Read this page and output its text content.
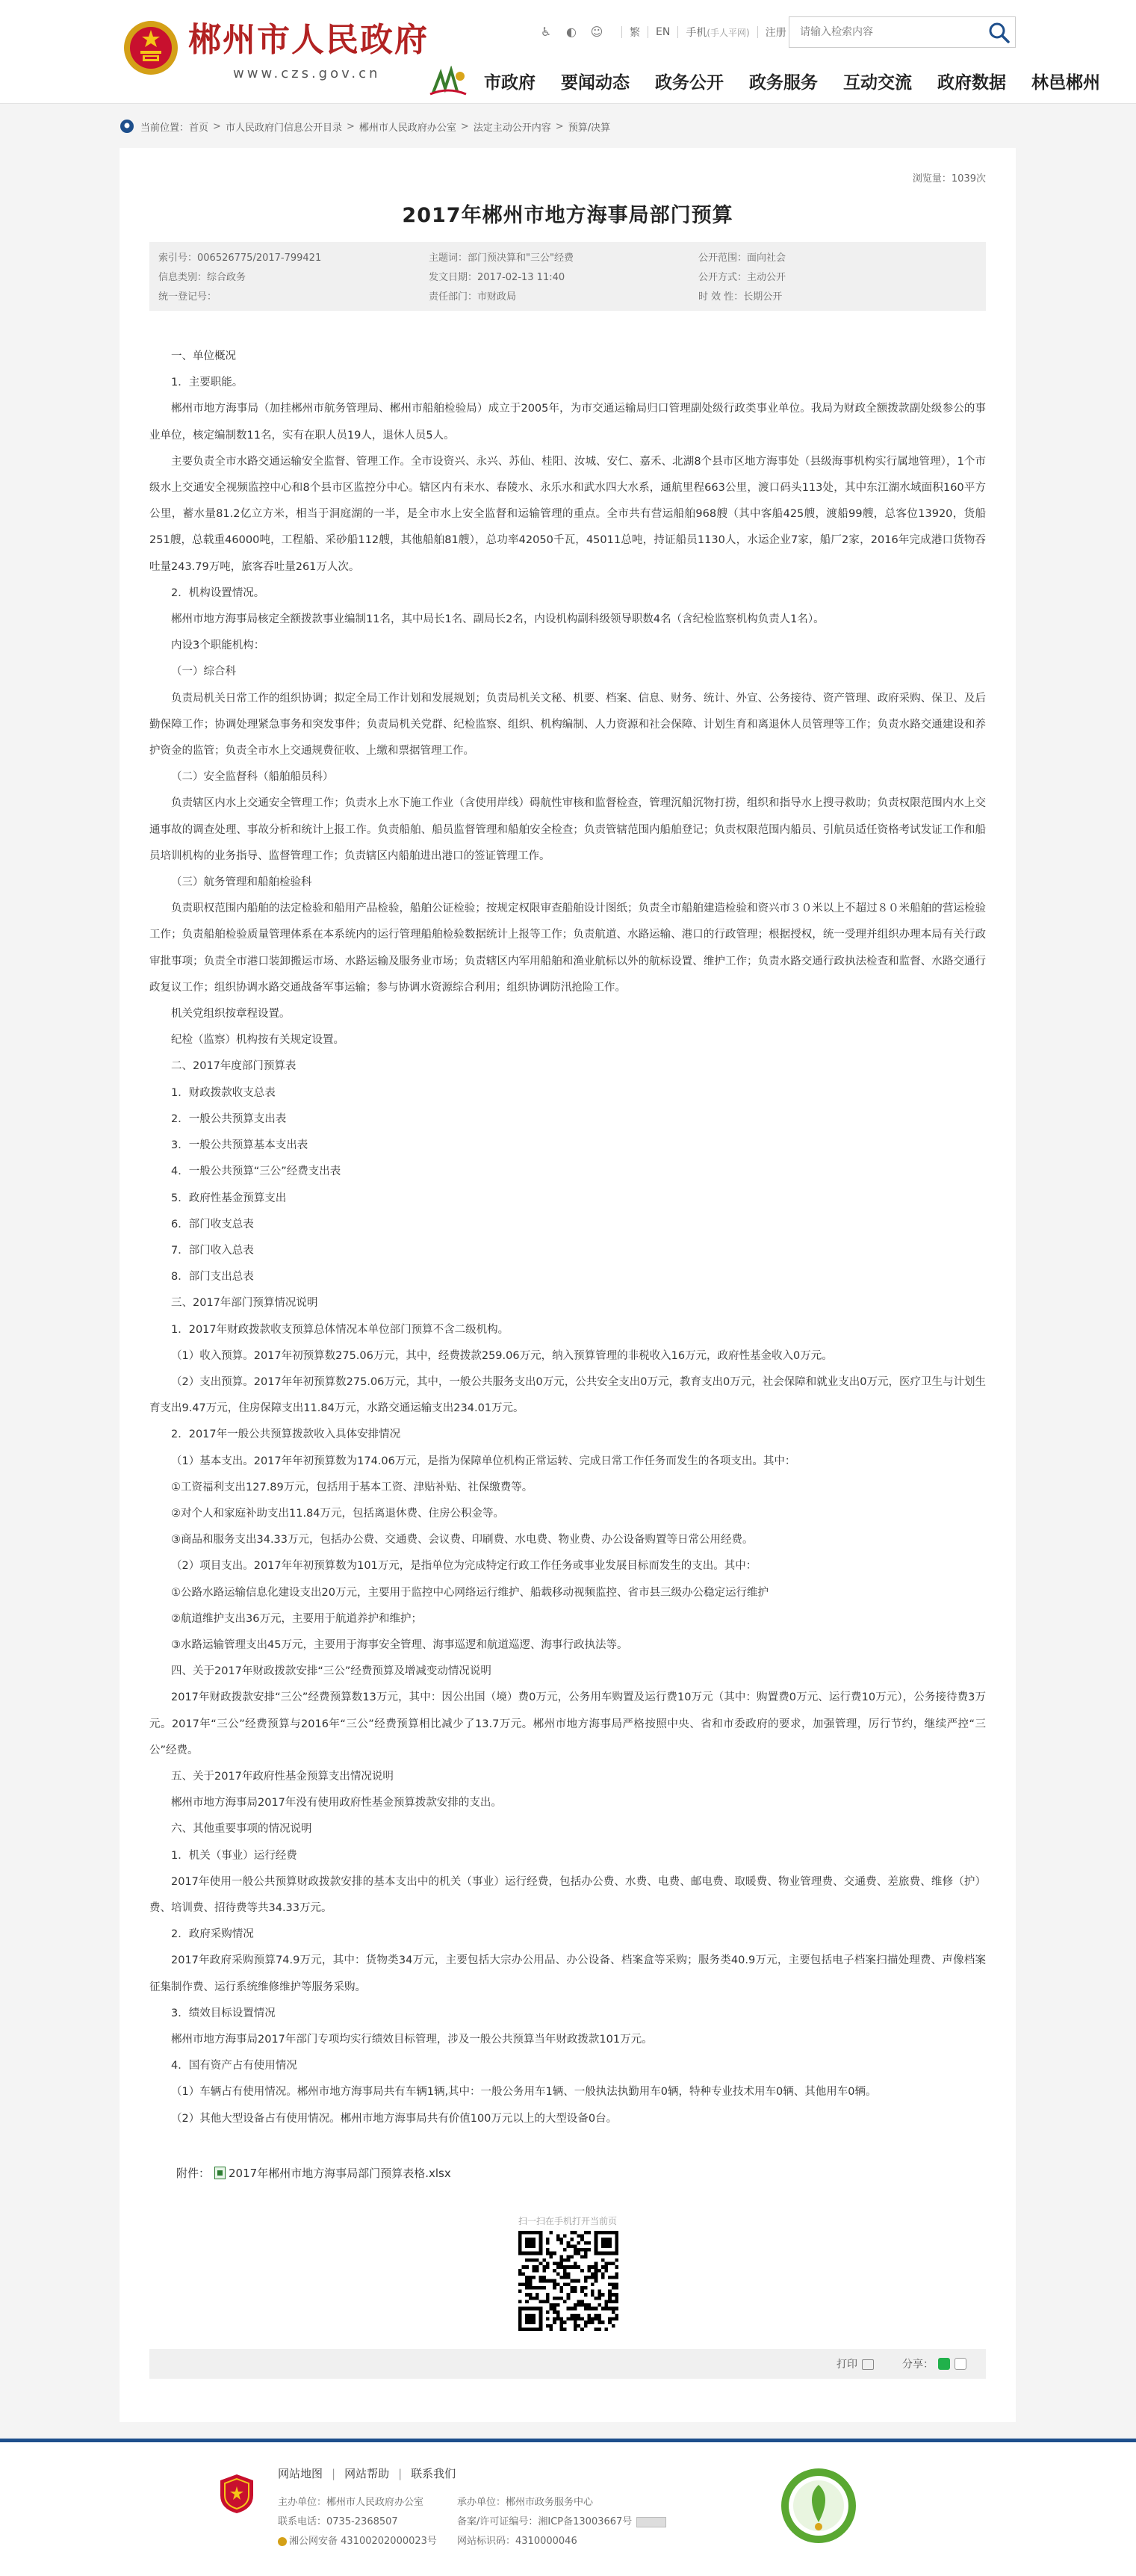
郴州市人民政府
www.czs.gov.cn
♿ ◐ ☺	繁 EN 手机 (手人平网) 注册
请输入检索内容
市政府 要闻动态 政务公开 政务服务 互动交流 政府数据 林邑郴州
当前位置： 首页 > 市人民政府门信息公开目录 > 郴州市人民政府办公室 > 法定主动公开内容 > 预算/决算
浏览量：1039次
2017年郴州市地方海事局部门预算
索引号：006526775/2017-799421
信息类别：综合政务
统一登记号：
主题词：部门预决算和"三公"经费
发文日期：2017-02-13 11:40
责任部门：市财政局
公开范围：面向社会
公开方式：主动公开
时 效 性：长期公开

一、单位概况

1．主要职能。

郴州市地方海事局（加挂郴州市航务管理局、郴州市船舶检验局）成立于2005年，为市交通运输局归口管理副处级行政类事业单位。我局为财政全额拨款副处级参公的事业单位，核定编制数11名，实有在职人员19人，退休人员5人。

主要负责全市水路交通运输安全监督、管理工作。全市设资兴、永兴、苏仙、桂阳、汝城、安仁、嘉禾、北湖8个县市区地方海事处（县级海事机构实行属地管理），1个市级水上交通安全视频监控中心和8个县市区监控分中心。辖区内有耒水、春陵水、永乐水和武水四大水系，通航里程663公里，渡口码头113处，其中东江湖水域面积160平方公里，蓄水量81.2亿立方米，相当于洞庭湖的一半，是全市水上安全监督和运输管理的重点。全市共有营运船舶968艘（其中客船425艘，渡船99艘，总客位13920，货船251艘，总载重46000吨，工程船、采砂船112艘，其他船舶81艘），总功率42050千瓦，45011总吨，持证船员1130人，水运企业7家，船厂2家，2016年完成港口货物吞吐量243.79万吨，旅客吞吐量261万人次。

2．机构设置情况。

郴州市地方海事局核定全额拨款事业编制11名，其中局长1名、副局长2名，内设机构副科级领导职数4名（含纪检监察机构负责人1名）。

内设3个职能机构：

（一）综合科

负责局机关日常工作的组织协调；拟定全局工作计划和发展规划；负责局机关文秘、机要、档案、信息、财务、统计、外宣、公务接待、资产管理、政府采购、保卫、及后勤保障工作；协调处理紧急事务和突发事件；负责局机关党群、纪检监察、组织、机构编制、人力资源和社会保障、计划生育和离退休人员管理等工作；负责水路交通建设和养护资金的监管；负责全市水上交通规费征收、上缴和票据管理工作。

（二）安全监督科（船舶船员科）

负责辖区内水上交通安全管理工作；负责水上水下施工作业（含使用岸线）碍航性审核和监督检查，管理沉船沉物打捞，组织和指导水上搜寻救助；负责权限范围内水上交通事故的调查处理、事故分析和统计上报工作。负责船舶、船员监督管理和船舶安全检查；负责管辖范围内船舶登记；负责权限范围内船员、引航员适任资格考试发证工作和船员培训机构的业务指导、监督管理工作；负责辖区内船舶进出港口的签证管理工作。

（三）航务管理和船舶检验科

负责职权范围内船舶的法定检验和船用产品检验，船舶公证检验；按规定权限审查船舶设计图纸；负责全市船舶建造检验和资兴市３０米以上不超过８０米船舶的营运检验工作；负责船舶检验质量管理体系在本系统内的运行管理船舶检验数据统计上报等工作；负责航道、水路运输、港口的行政管理；根据授权，统一受理并组织办理本局有关行政审批事项；负责全市港口装卸搬运市场、水路运输及服务业市场；负责辖区内军用船舶和渔业航标以外的航标设置、维护工作；负责水路交通行政执法检查和监督、水路交通行政复议工作；组织协调水路交通战备军事运输；参与协调水资源综合利用；组织协调防汛抢险工作。

机关党组织按章程设置。

纪检（监察）机构按有关规定设置。

二、2017年度部门预算表

1．财政拨款收支总表

2．一般公共预算支出表

3．一般公共预算基本支出表

4．一般公共预算“三公”经费支出表

5．政府性基金预算支出

6．部门收支总表

7．部门收入总表

8．部门支出总表

三、2017年部门预算情况说明

1．2017年财政拨款收支预算总体情况本单位部门预算不含二级机构。

（1）收入预算。2017年初预算数275.06万元，其中，经费拨款259.06万元，纳入预算管理的非税收入16万元，政府性基金收入0万元。

（2）支出预算。2017年年初预算数275.06万元，其中，一般公共服务支出0万元，公共安全支出0万元，教育支出0万元，社会保障和就业支出0万元，医疗卫生与计划生育支出9.47万元，住房保障支出11.84万元，水路交通运输支出234.01万元。

2．2017年一般公共预算拨款收入具体安排情况

（1）基本支出。2017年年初预算数为174.06万元，是指为保障单位机构正常运转、完成日常工作任务而发生的各项支出。其中：

①工资福利支出127.89万元，包括用于基本工资、津贴补贴、社保缴费等。

②对个人和家庭补助支出11.84万元，包括离退休费、住房公积金等。

③商品和服务支出34.33万元，包括办公费、交通费、会议费、印刷费、水电费、物业费、办公设备购置等日常公用经费。

（2）项目支出。2017年年初预算数为101万元，是指单位为完成特定行政工作任务或事业发展目标而发生的支出。其中：

①公路水路运输信息化建设支出20万元，主要用于监控中心网络运行维护、船载移动视频监控、省市县三级办公稳定运行维护

②航道维护支出36万元，主要用于航道养护和维护；

③水路运输管理支出45万元，主要用于海事安全管理、海事巡逻和航道巡逻、海事行政执法等。

四、关于2017年财政拨款安排“三公”经费预算及增减变动情况说明

2017年财政拨款安排“三公”经费预算数13万元，其中：因公出国（境）费0万元，公务用车购置及运行费10万元（其中：购置费0万元、运行费10万元），公务接待费3万元。2017年“三公”经费预算与2016年“三公”经费预算相比减少了13.7万元。郴州市地方海事局严格按照中央、省和市委政府的要求，加强管理，厉行节约，继续严控“三公”经费。

五、关于2017年政府性基金预算支出情况说明

郴州市地方海事局2017年没有使用政府性基金预算拨款安排的支出。

六、其他重要事项的情况说明

1．机关（事业）运行经费

2017年使用一般公共预算财政拨款安排的基本支出中的机关（事业）运行经费，包括办公费、水费、电费、邮电费、取暖费、物业管理费、交通费、差旅费、维修（护）费、培训费、招待费等共34.33万元。

2．政府采购情况

2017年政府采购预算74.9万元，其中：货物类34万元，主要包括大宗办公用品、办公设备、档案盒等采购；服务类40.9万元，主要包括电子档案扫描处理费、声像档案征集制作费、运行系统维修维护等服务采购。

3．绩效目标设置情况

郴州市地方海事局2017年部门专项均实行绩效目标管理，涉及一般公共预算当年财政拨款101万元。

4．国有资产占有使用情况

（1）车辆占有使用情况。郴州市地方海事局共有车辆1辆,其中：一般公务用车1辆、一般执法执勤用车0辆，特种专业技术用车0辆、其他用车0辆。

（2）其他大型设备占有使用情况。郴州市地方海事局共有价值100万元以上的大型设备0台。

附件： 2017年郴州市地方海事局部门预算表格.xlsx
扫一扫在手机打开当前页
打印	分享：
网站地图 | 网站帮助 | 联系我们
主办单位：郴州市人民政府办公室
联系电话：0735-2368507
湘公网安备 43100202000023号
承办单位：郴州市政务服务中心
备案/许可证编号：湘ICP备13003667号
网站标识码：4310000046
